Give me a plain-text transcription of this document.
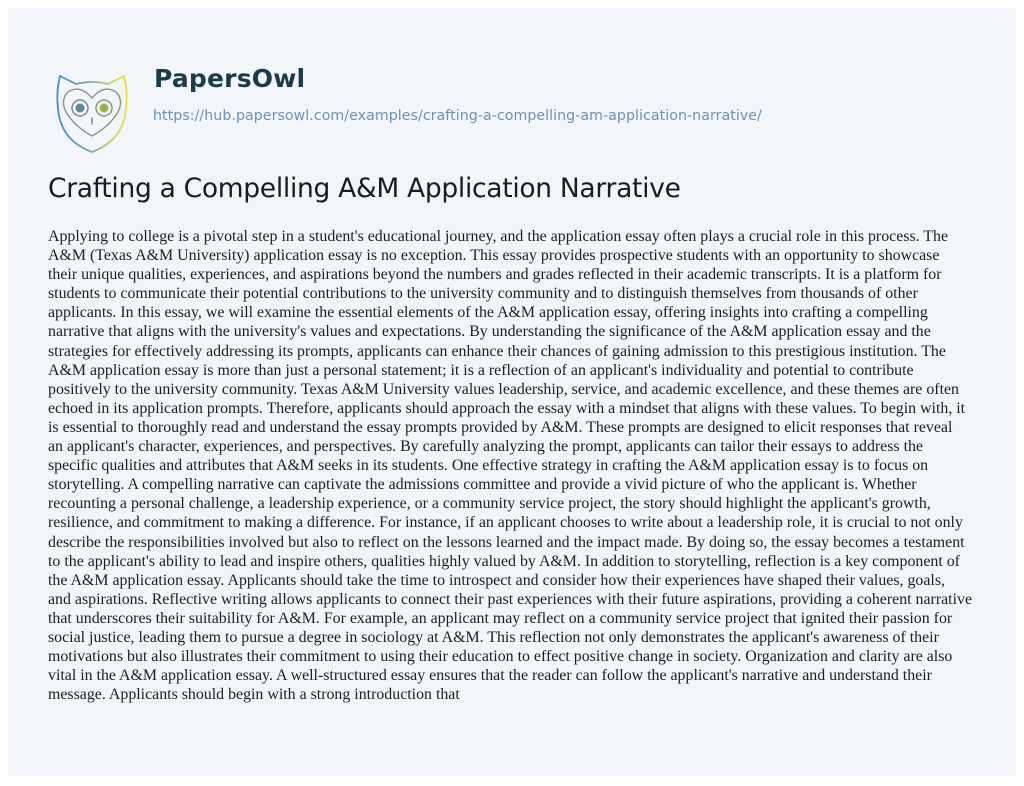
PapersOwl
https://hub.papersowl.com/examples/crafting-a-compelling-am-application-narrative/
Crafting a Compelling A&M Application Narrative
Applying to college is a pivotal step in a student's educational journey, and the application essay often plays a crucial role in this process. The
A&M (Texas A&M University) application essay is no exception. This essay provides prospective students with an opportunity to showcase
their unique qualities, experiences, and aspirations beyond the numbers and grades reflected in their academic transcripts. It is a platform for
students to communicate their potential contributions to the university community and to distinguish themselves from thousands of other
applicants. In this essay, we will examine the essential elements of the A&M application essay, offering insights into crafting a compelling
narrative that aligns with the university's values and expectations. By understanding the significance of the A&M application essay and the
strategies for effectively addressing its prompts, applicants can enhance their chances of gaining admission to this prestigious institution. The
A&M application essay is more than just a personal statement; it is a reflection of an applicant's individuality and potential to contribute
positively to the university community. Texas A&M University values leadership, service, and academic excellence, and these themes are often
echoed in its application prompts. Therefore, applicants should approach the essay with a mindset that aligns with these values. To begin with, it
is essential to thoroughly read and understand the essay prompts provided by A&M. These prompts are designed to elicit responses that reveal
an applicant's character, experiences, and perspectives. By carefully analyzing the prompt, applicants can tailor their essays to address the
specific qualities and attributes that A&M seeks in its students. One effective strategy in crafting the A&M application essay is to focus on
storytelling. A compelling narrative can captivate the admissions committee and provide a vivid picture of who the applicant is. Whether
recounting a personal challenge, a leadership experience, or a community service project, the story should highlight the applicant's growth,
resilience, and commitment to making a difference. For instance, if an applicant chooses to write about a leadership role, it is crucial to not only
describe the responsibilities involved but also to reflect on the lessons learned and the impact made. By doing so, the essay becomes a testament
to the applicant's ability to lead and inspire others, qualities highly valued by A&M. In addition to storytelling, reflection is a key component of
the A&M application essay. Applicants should take the time to introspect and consider how their experiences have shaped their values, goals,
and aspirations. Reflective writing allows applicants to connect their past experiences with their future aspirations, providing a coherent narrative
that underscores their suitability for A&M. For example, an applicant may reflect on a community service project that ignited their passion for
social justice, leading them to pursue a degree in sociology at A&M. This reflection not only demonstrates the applicant's awareness of their
motivations but also illustrates their commitment to using their education to effect positive change in society. Organization and clarity are also
vital in the A&M application essay. A well-structured essay ensures that the reader can follow the applicant's narrative and understand their
message. Applicants should begin with a strong introduction that
